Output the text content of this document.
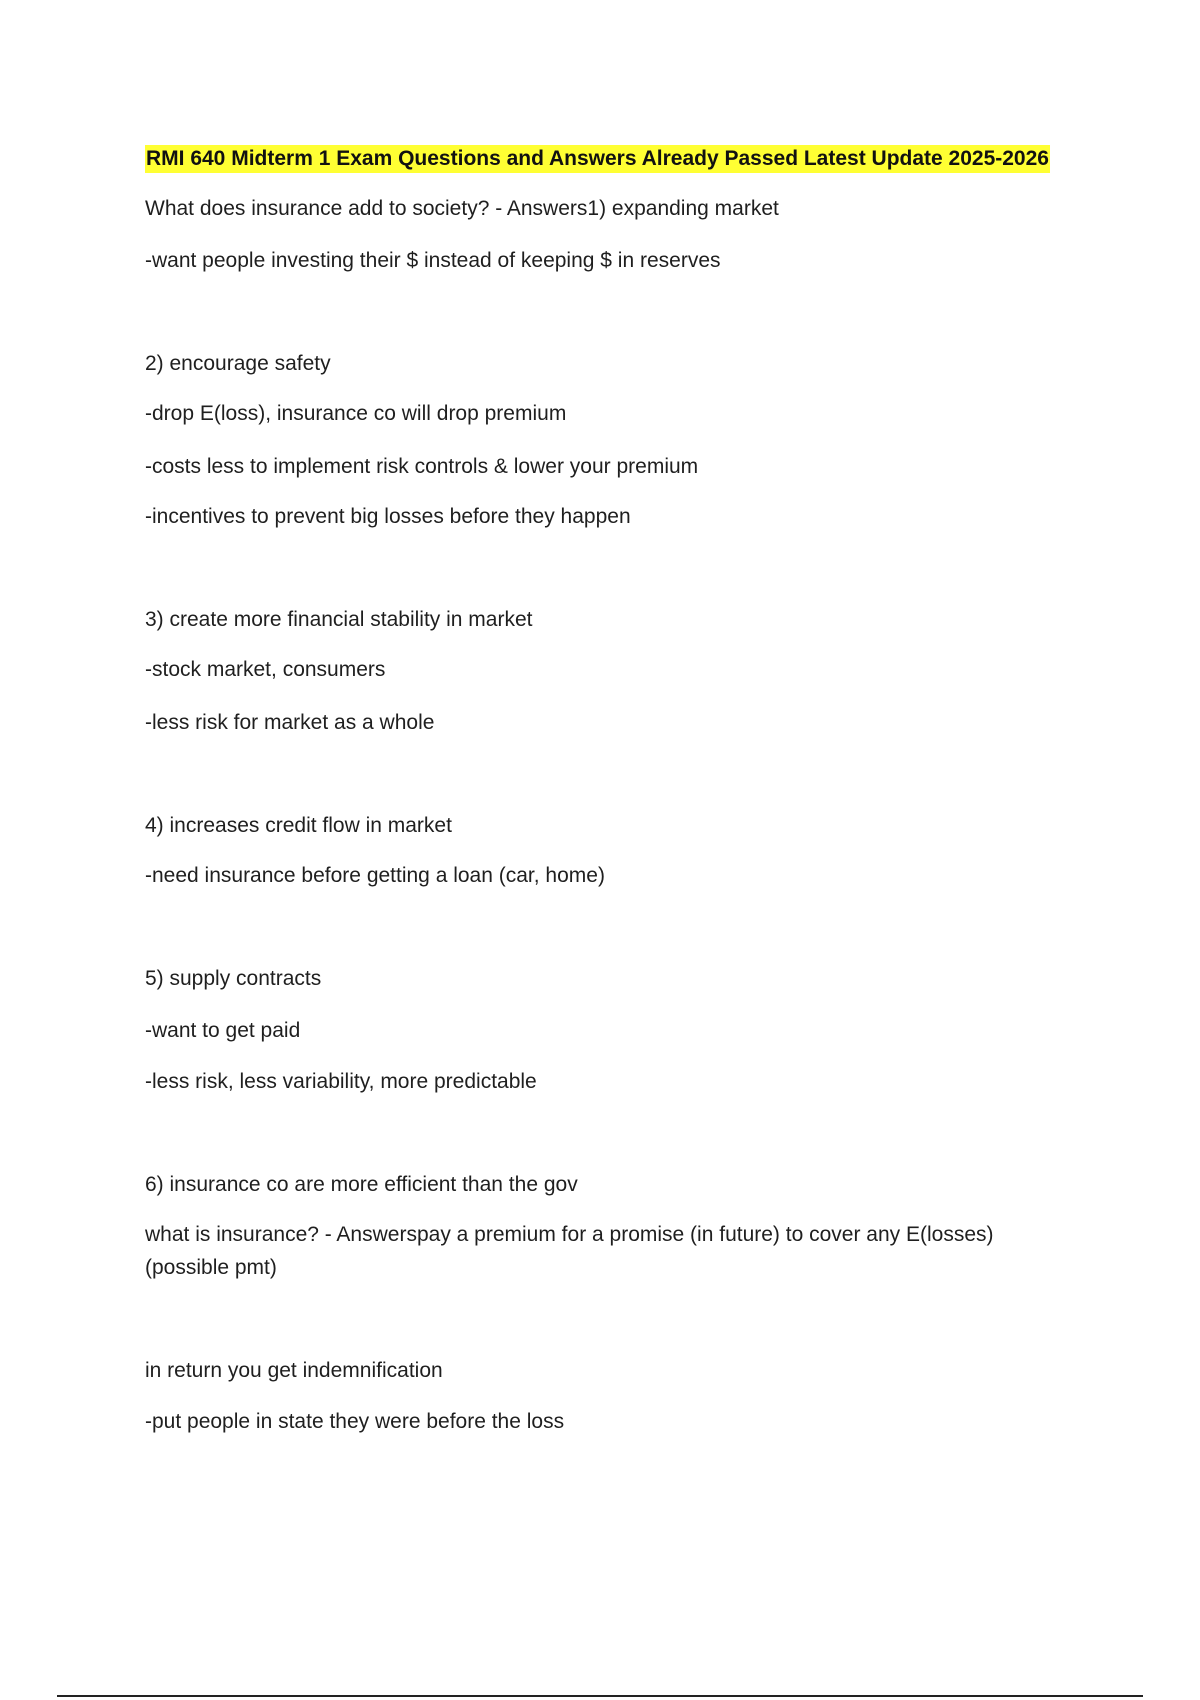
RMI 640 Midterm 1 Exam Questions and Answers Already Passed Latest Update 2025-2026
What does insurance add to society? - Answers1) expanding market
-want people investing their $ instead of keeping $ in reserves
2) encourage safety
-drop E(loss), insurance co will drop premium
-costs less to implement risk controls & lower your premium
-incentives to prevent big losses before they happen
3) create more financial stability in market
-stock market, consumers
-less risk for market as a whole
4) increases credit flow in market
-need insurance before getting a loan (car, home)
5) supply contracts
-want to get paid
-less risk, less variability, more predictable
6) insurance co are more efficient than the gov
what is insurance? - Answerspay a premium for a promise (in future) to cover any E(losses)
(possible pmt)
in return you get indemnification
-put people in state they were before the loss
